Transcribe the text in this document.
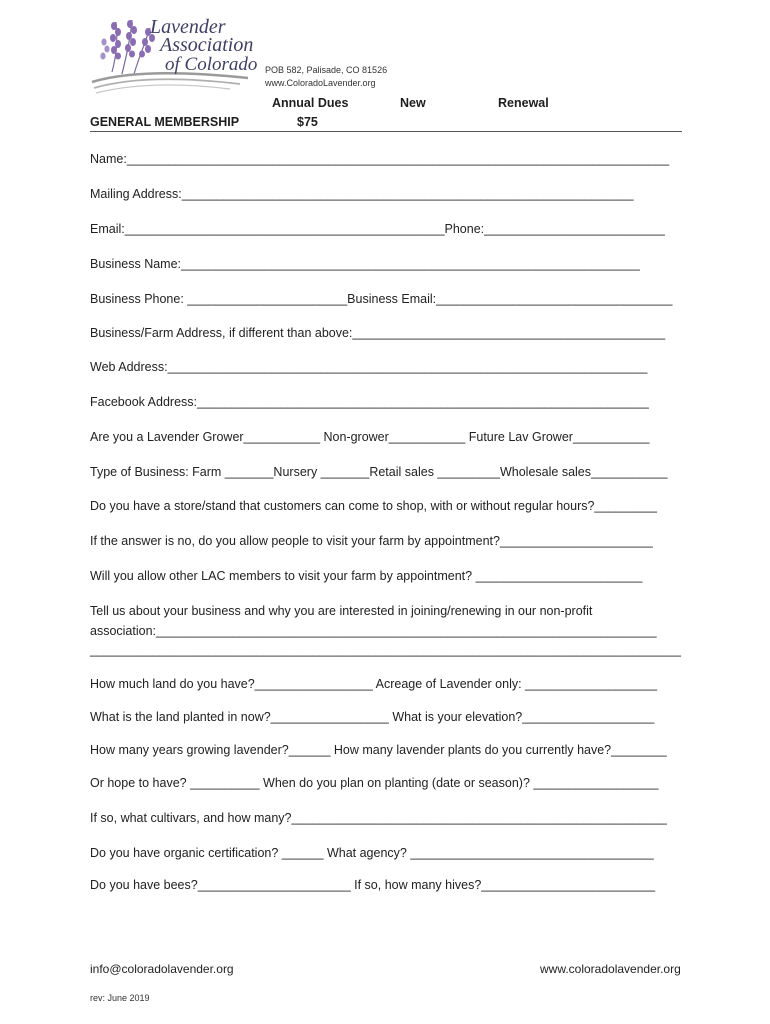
Lavender
Association
of Colorado POB 582, Palisade, CO 81526
www.ColoradoLavender.org
Annual Dues	New	Renewal
GENERAL MEMBERSHIP	$75
Name:______________________________________________________________________________
Mailing Address:_________________________________________________________________
Email:______________________________________________Phone:__________________________
Business Name:__________________________________________________________________
Business Phone: _______________________Business Email:__________________________________
Business/Farm Address, if different than above:_____________________________________________
Web Address:_____________________________________________________________________
Facebook Address:_________________________________________________________________
Are you a Lavender Grower___________ Non-grower___________ Future Lav Grower___________
Type of Business: Farm _______Nursery _______Retail sales _________Wholesale sales___________
Do you have a store/stand that customers can come to shop, with or without regular hours?_________
If the answer is no, do you allow people to visit your farm by appointment?______________________
Will you allow other LAC members to visit your farm by appointment? ________________________
Tell us about your business and why you are interested in joining/renewing in our non-profit
association:________________________________________________________________________
_____________________________________________________________________________________
How much land do you have?_________________ Acreage of Lavender only: ___________________
What is the land planted in now?_________________ What is your elevation?___________________
How many years growing lavender?______ How many lavender plants do you currently have?________
Or hope to have? __________ When do you plan on planting (date or season)? __________________
If so, what cultivars, and how many?______________________________________________________
Do you have organic certification? ______ What agency? ___________________________________
Do you have bees?______________________ If so, how many hives?_________________________
info@coloradolavender.org	www.coloradolavender.org
rev: June 2019
